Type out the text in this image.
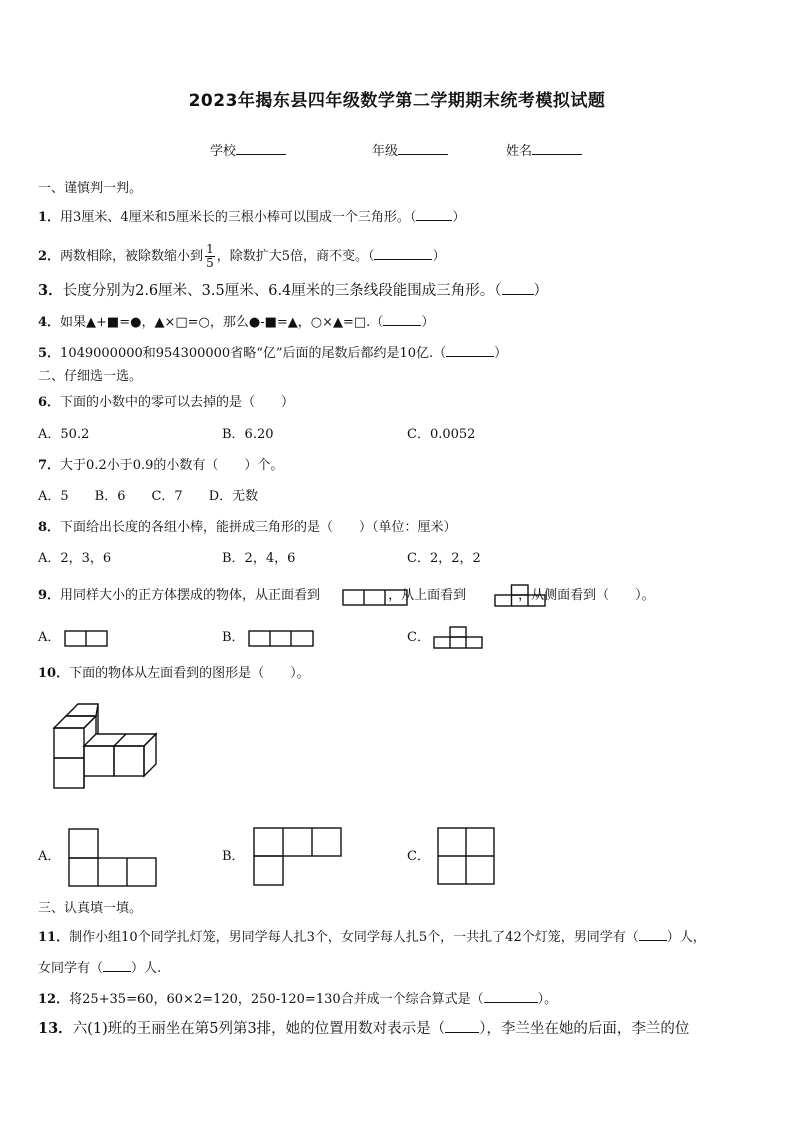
2023年揭东县四年级数学第二学期期末统考模拟试题
学校	年级	姓名
一、谨慎判一判。
1．用3厘米、4厘米和5厘米长的三根小棒可以围成一个三角形。（	）
2．两数相除，被除数缩小到 $\frac{1}{5}$ ，除数扩大5倍，商不变。（	）
3．长度分别为2.6厘米、3.5厘米、6.4厘米的三条线段能围成三角形。（ ）
4．如果▲+■=●，▲×□=○，那么●-■=▲，○×▲=□.（	）
5．1049000000和954300000省略“亿”后面的尾数后都约是10亿.（	）
二、仔细选一选。
6．下面的小数中的零可以去掉的是（　　）
A．50.2	B．6.20	C．0.0052
7．大于0.2小于0.9的小数有（　　）个。
A．5　　B．6　　C．7　　D．无数
8．下面给出长度的各组小棒，能拼成三角形的是（　　）（单位：厘米）
A．2，3，6	B．2，4，6	C．2，2，2
9．用同样大小的正方体摆成的物体，从正面看到	，从上面看到	，从侧面看到（　　）。
A．	B．	C．
10．下面的物体从左面看到的图形是（　　）。
A．	B．	C．
三、认真填一填。
11．制作小组10个同学扎灯笼，男同学每人扎3个，女同学每人扎5个，一共扎了42个灯笼，男同学有（ ）人，
女同学有（ ）人.
12．将25+35=60，60×2=120，250-120=130合并成一个综合算式是（	）。
13．六(1)班的王丽坐在第5列第3排，她的位置用数对表示是（ ），李兰坐在她的后面，李兰的位
